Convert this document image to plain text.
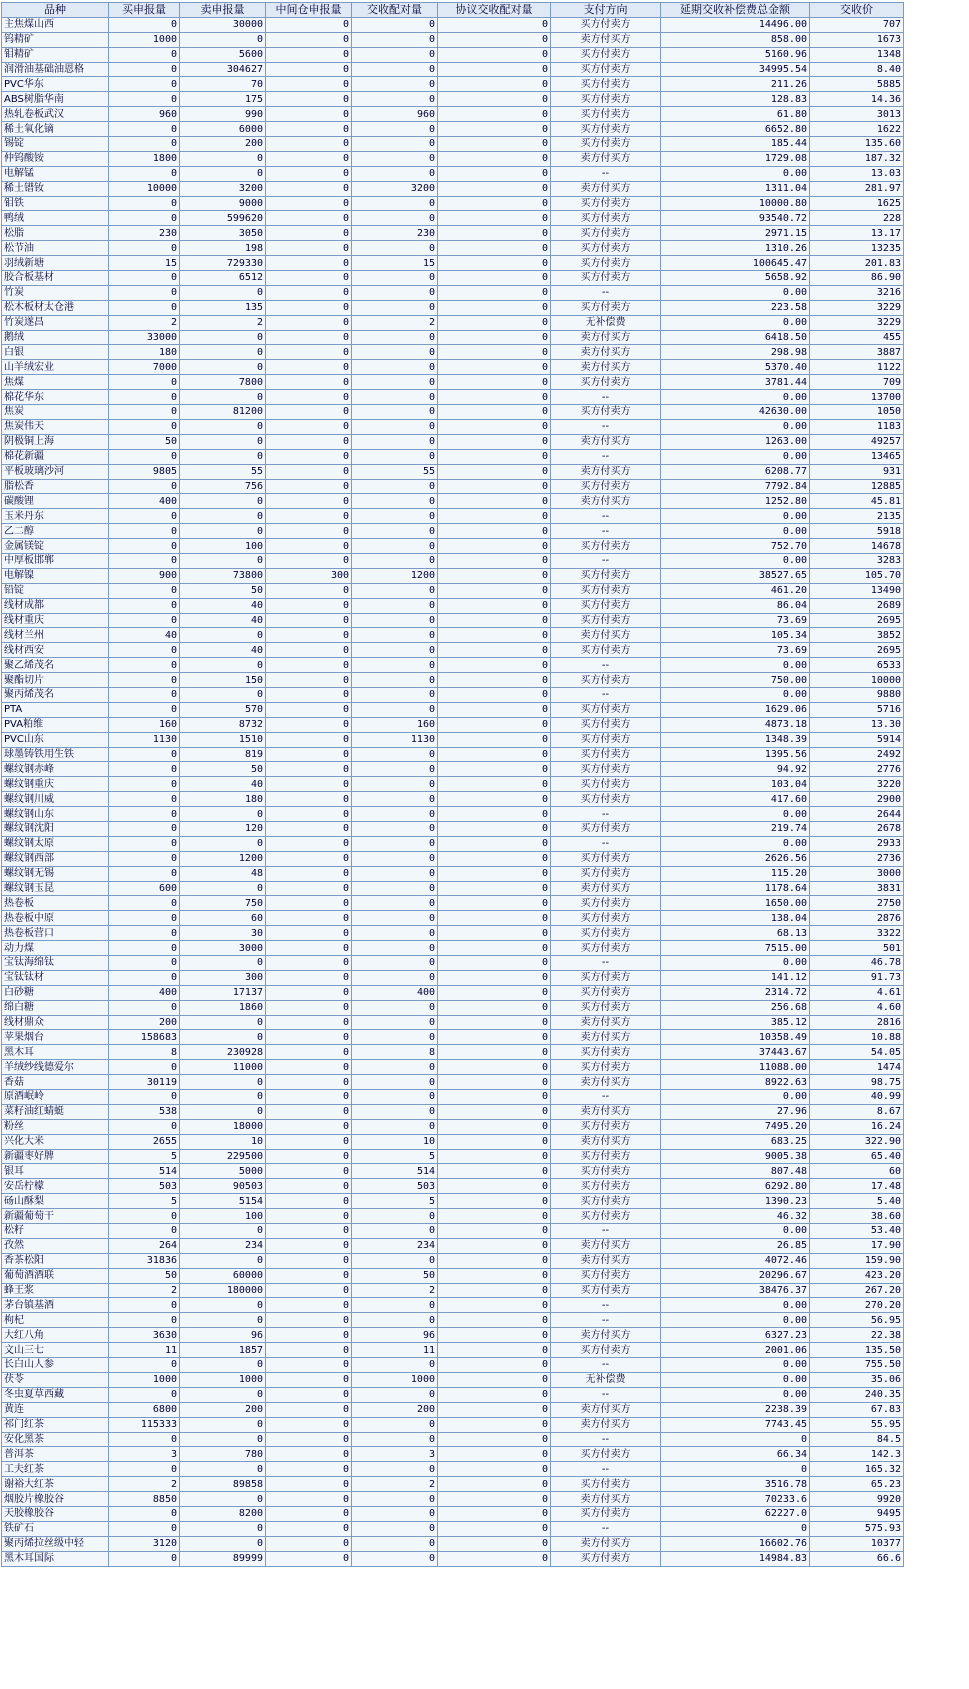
品种	买申报量	卖申报量	中间仓申报量	交收配对量	协议交收配对量	支付方向	延期交收补偿费总金额	交收价
主焦煤山西	0	30000	0	0	0	买方付卖方	14496.00	707
钨精矿	1000	0	0	0	0	卖方付买方	858.00	1673
钼精矿	0	5600	0	0	0	买方付卖方	5160.96	1348
润滑油基础油恩格	0	304627	0	0	0	买方付卖方	34995.54	8.40
PVC华东	0	70	0	0	0	买方付卖方	211.26	5885
ABS树脂华南	0	175	0	0	0	买方付卖方	128.83	14.36
热轧卷板武汉	960	990	0	960	0	买方付卖方	61.80	3013
稀土氧化镝	0	6000	0	0	0	买方付卖方	6652.80	1622
锡锭	0	200	0	0	0	买方付卖方	185.44	135.60
仲钨酸铵	1800	0	0	0	0	卖方付买方	1729.08	187.32
电解锰	0	0	0	0	0	--	0.00	13.03
稀土镨钕	10000	3200	0	3200	0	卖方付买方	1311.04	281.97
钼铁	0	9000	0	0	0	买方付卖方	10000.80	1625
鸭绒	0	599620	0	0	0	买方付卖方	93540.72	228
松脂	230	3050	0	230	0	买方付卖方	2971.15	13.17
松节油	0	198	0	0	0	买方付卖方	1310.26	13235
羽绒新塘	15	729330	0	15	0	买方付卖方	100645.47	201.83
胶合板基材	0	6512	0	0	0	买方付卖方	5658.92	86.90
竹炭	0	0	0	0	0	--	0.00	3216
松木板材太仓港	0	135	0	0	0	买方付卖方	223.58	3229
竹炭遂昌	2	2	0	2	0	无补偿费	0.00	3229
鹅绒	33000	0	0	0	0	卖方付买方	6418.50	455
白银	180	0	0	0	0	卖方付买方	298.98	3887
山羊绒宏业	7000	0	0	0	0	卖方付买方	5370.40	1122
焦煤	0	7800	0	0	0	买方付卖方	3781.44	709
棉花华东	0	0	0	0	0	--	0.00	13700
焦炭	0	81200	0	0	0	买方付卖方	42630.00	1050
焦炭伟天	0	0	0	0	0	--	0.00	1183
阴极铜上海	50	0	0	0	0	卖方付买方	1263.00	49257
棉花新疆	0	0	0	0	0	--	0.00	13465
平板玻璃沙河	9805	55	0	55	0	卖方付买方	6208.77	931
脂松香	0	756	0	0	0	买方付卖方	7792.84	12885
碳酸锂	400	0	0	0	0	卖方付买方	1252.80	45.81
玉米丹东	0	0	0	0	0	--	0.00	2135
乙二醇	0	0	0	0	0	--	0.00	5918
金属镁锭	0	100	0	0	0	买方付卖方	752.70	14678
中厚板邯郸	0	0	0	0	0	--	0.00	3283
电解镍	900	73800	300	1200	0	买方付卖方	38527.65	105.70
铅锭	0	50	0	0	0	买方付卖方	461.20	13490
线材成都	0	40	0	0	0	买方付卖方	86.04	2689
线材重庆	0	40	0	0	0	买方付卖方	73.69	2695
线材兰州	40	0	0	0	0	卖方付买方	105.34	3852
线材西安	0	40	0	0	0	买方付卖方	73.69	2695
聚乙烯茂名	0	0	0	0	0	--	0.00	6533
聚酯切片	0	150	0	0	0	买方付卖方	750.00	10000
聚丙烯茂名	0	0	0	0	0	--	0.00	9880
PTA	0	570	0	0	0	买方付卖方	1629.06	5716
PVA粕维	160	8732	0	160	0	买方付卖方	4873.18	13.30
PVC山东	1130	1510	0	1130	0	买方付卖方	1348.39	5914
球墨铸铁用生铁	0	819	0	0	0	买方付卖方	1395.56	2492
螺纹钢赤峰	0	50	0	0	0	买方付卖方	94.92	2776
螺纹钢重庆	0	40	0	0	0	买方付卖方	103.04	3220
螺纹钢川威	0	180	0	0	0	买方付卖方	417.60	2900
螺纹钢山东	0	0	0	0	0	--	0.00	2644
螺纹钢沈阳	0	120	0	0	0	买方付卖方	219.74	2678
螺纹钢太原	0	0	0	0	0	--	0.00	2933
螺纹钢西部	0	1200	0	0	0	买方付卖方	2626.56	2736
螺纹钢无锡	0	48	0	0	0	买方付卖方	115.20	3000
螺纹钢玉昆	600	0	0	0	0	卖方付买方	1178.64	3831
热卷板	0	750	0	0	0	买方付卖方	1650.00	2750
热卷板中原	0	60	0	0	0	买方付卖方	138.04	2876
热卷板营口	0	30	0	0	0	买方付卖方	68.13	3322
动力煤	0	3000	0	0	0	买方付卖方	7515.00	501
宝钛海绵钛	0	0	0	0	0	--	0.00	46.78
宝钛钛材	0	300	0	0	0	买方付卖方	141.12	91.73
白砂糖	400	17137	0	400	0	买方付卖方	2314.72	4.61
绵白糖	0	1860	0	0	0	买方付卖方	256.68	4.60
线材鼎众	200	0	0	0	0	卖方付买方	385.12	2816
苹果烟台	158683	0	0	0	0	卖方付买方	10358.49	10.88
黑木耳	8	230928	0	8	0	买方付卖方	37443.67	54.05
羊绒纱线德爱尔	0	11000	0	0	0	买方付卖方	11088.00	1474
香菇	30119	0	0	0	0	卖方付买方	8922.63	98.75
原酒岷岭	0	0	0	0	0	--	0.00	40.99
菜籽油红蜻蜓	538	0	0	0	0	卖方付买方	27.96	8.67
粉丝	0	18000	0	0	0	买方付卖方	7495.20	16.24
兴化大米	2655	10	0	10	0	卖方付买方	683.25	322.90
新疆枣好牌	5	229500	0	5	0	买方付卖方	9005.38	65.40
银耳	514	5000	0	514	0	买方付卖方	807.48	60
安岳柠檬	503	90503	0	503	0	买方付卖方	6292.80	17.48
砀山酥梨	5	5154	0	5	0	买方付卖方	1390.23	5.40
新疆葡萄干	0	100	0	0	0	买方付卖方	46.32	38.60
松籽	0	0	0	0	0	--	0.00	53.40
孜然	264	234	0	234	0	卖方付买方	26.85	17.90
香茶松阳	31836	0	0	0	0	卖方付买方	4072.46	159.90
葡萄酒酒联	50	60000	0	50	0	买方付卖方	20296.67	423.20
蜂王浆	2	180000	0	2	0	买方付卖方	38476.37	267.20
茅台镇基酒	0	0	0	0	0	--	0.00	270.20
枸杞	0	0	0	0	0	--	0.00	56.95
大红八角	3630	96	0	96	0	卖方付买方	6327.23	22.38
文山三七	11	1857	0	11	0	买方付卖方	2001.06	135.50
长白山人参	0	0	0	0	0	--	0.00	755.50
茯苓	1000	1000	0	1000	0	无补偿费	0.00	35.06
冬虫夏草西藏	0	0	0	0	0	--	0.00	240.35
黄连	6800	200	0	200	0	卖方付买方	2238.39	67.83
祁门红茶	115333	0	0	0	0	卖方付买方	7743.45	55.95
安化黑茶	0	0	0	0	0	--	0	84.5
普洱茶	3	780	0	3	0	买方付卖方	66.34	142.3
工夫红茶	0	0	0	0	0	--	0	165.32
谢裕大红茶	2	89858	0	2	0	买方付卖方	3516.78	65.23
烟胶片橡胶谷	8850	0	0	0	0	卖方付买方	70233.6	9920
天胶橡胶谷	0	8200	0	0	0	买方付卖方	62227.0	9495
铁矿石	0	0	0	0	0	--	0	575.93
聚丙烯拉丝级中轻	3120	0	0	0	0	卖方付买方	16602.76	10377
黑木耳国际	0	89999	0	0	0	买方付卖方	14984.83	66.6
